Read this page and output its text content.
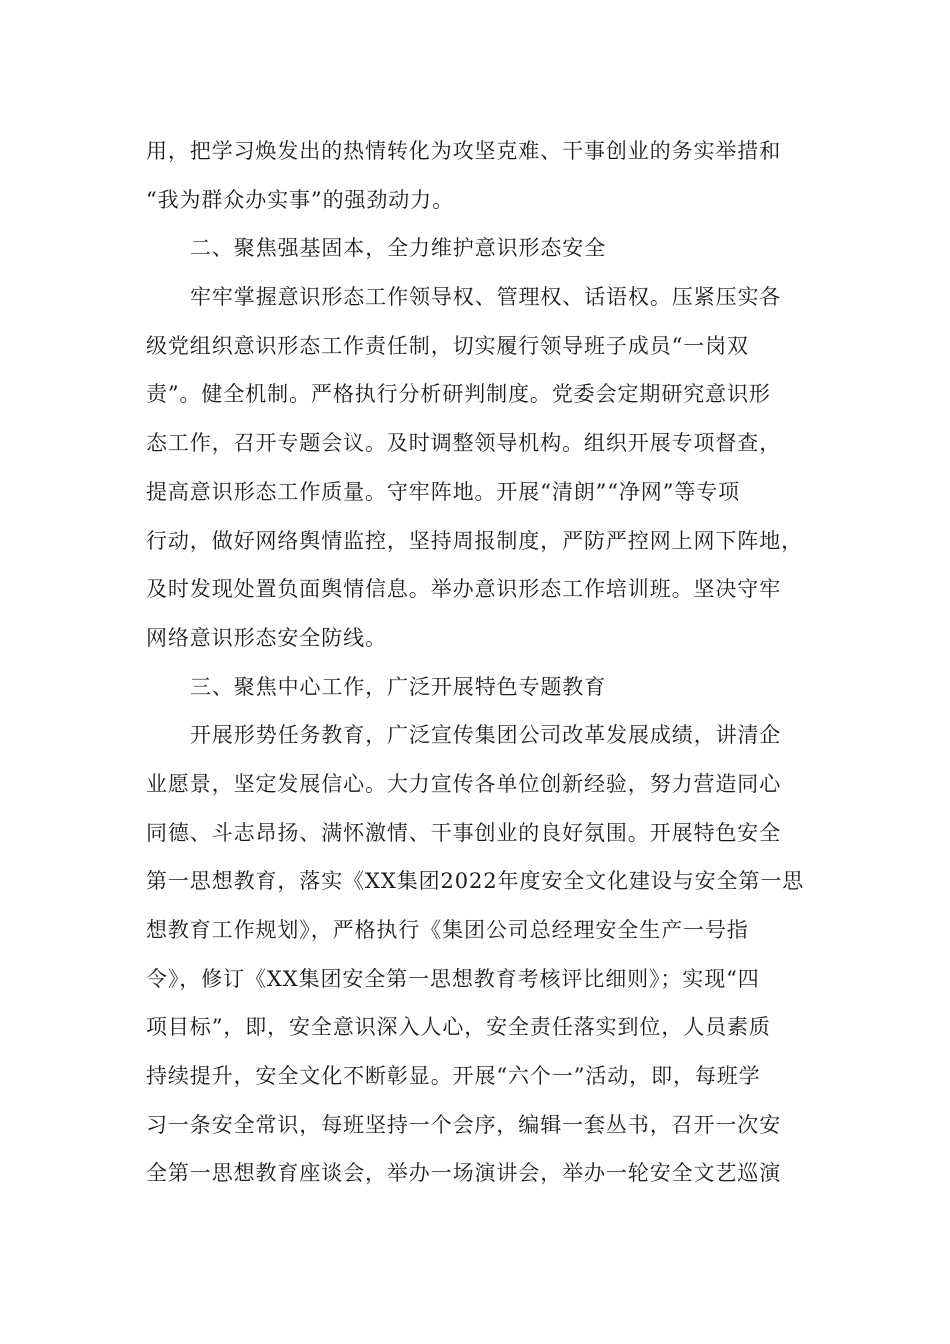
用，把学习焕发出的热情转化为攻坚克难、干事创业的务实举措和
“我为群众办实事”的强劲动力。
二、聚焦强基固本，全力维护意识形态安全
牢牢掌握意识形态工作领导权、管理权、话语权。压紧压实各
级党组织意识形态工作责任制，切实履行领导班子成员“一岗双
责”。健全机制。严格执行分析研判制度。党委会定期研究意识形
态工作，召开专题会议。及时调整领导机构。组织开展专项督查，
提高意识形态工作质量。守牢阵地。开展“清朗”“净网”等专项
行动，做好网络舆情监控，坚持周报制度，严防严控网上网下阵地，
及时发现处置负面舆情信息。举办意识形态工作培训班。坚决守牢
网络意识形态安全防线。
三、聚焦中心工作，广泛开展特色专题教育
开展形势任务教育，广泛宣传集团公司改革发展成绩，讲清企
业愿景，坚定发展信心。大力宣传各单位创新经验，努力营造同心
同德、斗志昂扬、满怀激情、干事创业的良好氛围。开展特色安全
第一思想教育，落实《XX集团2022年度安全文化建设与安全第一思
想教育工作规划》，严格执行《集团公司总经理安全生产一号指
令》，修订《XX集团安全第一思想教育考核评比细则》；实现“四
项目标”，即，安全意识深入人心，安全责任落实到位，人员素质
持续提升，安全文化不断彰显。开展“六个一”活动，即，每班学
习一条安全常识，每班坚持一个会序，编辑一套丛书，召开一次安
全第一思想教育座谈会，举办一场演讲会，举办一轮安全文艺巡演
